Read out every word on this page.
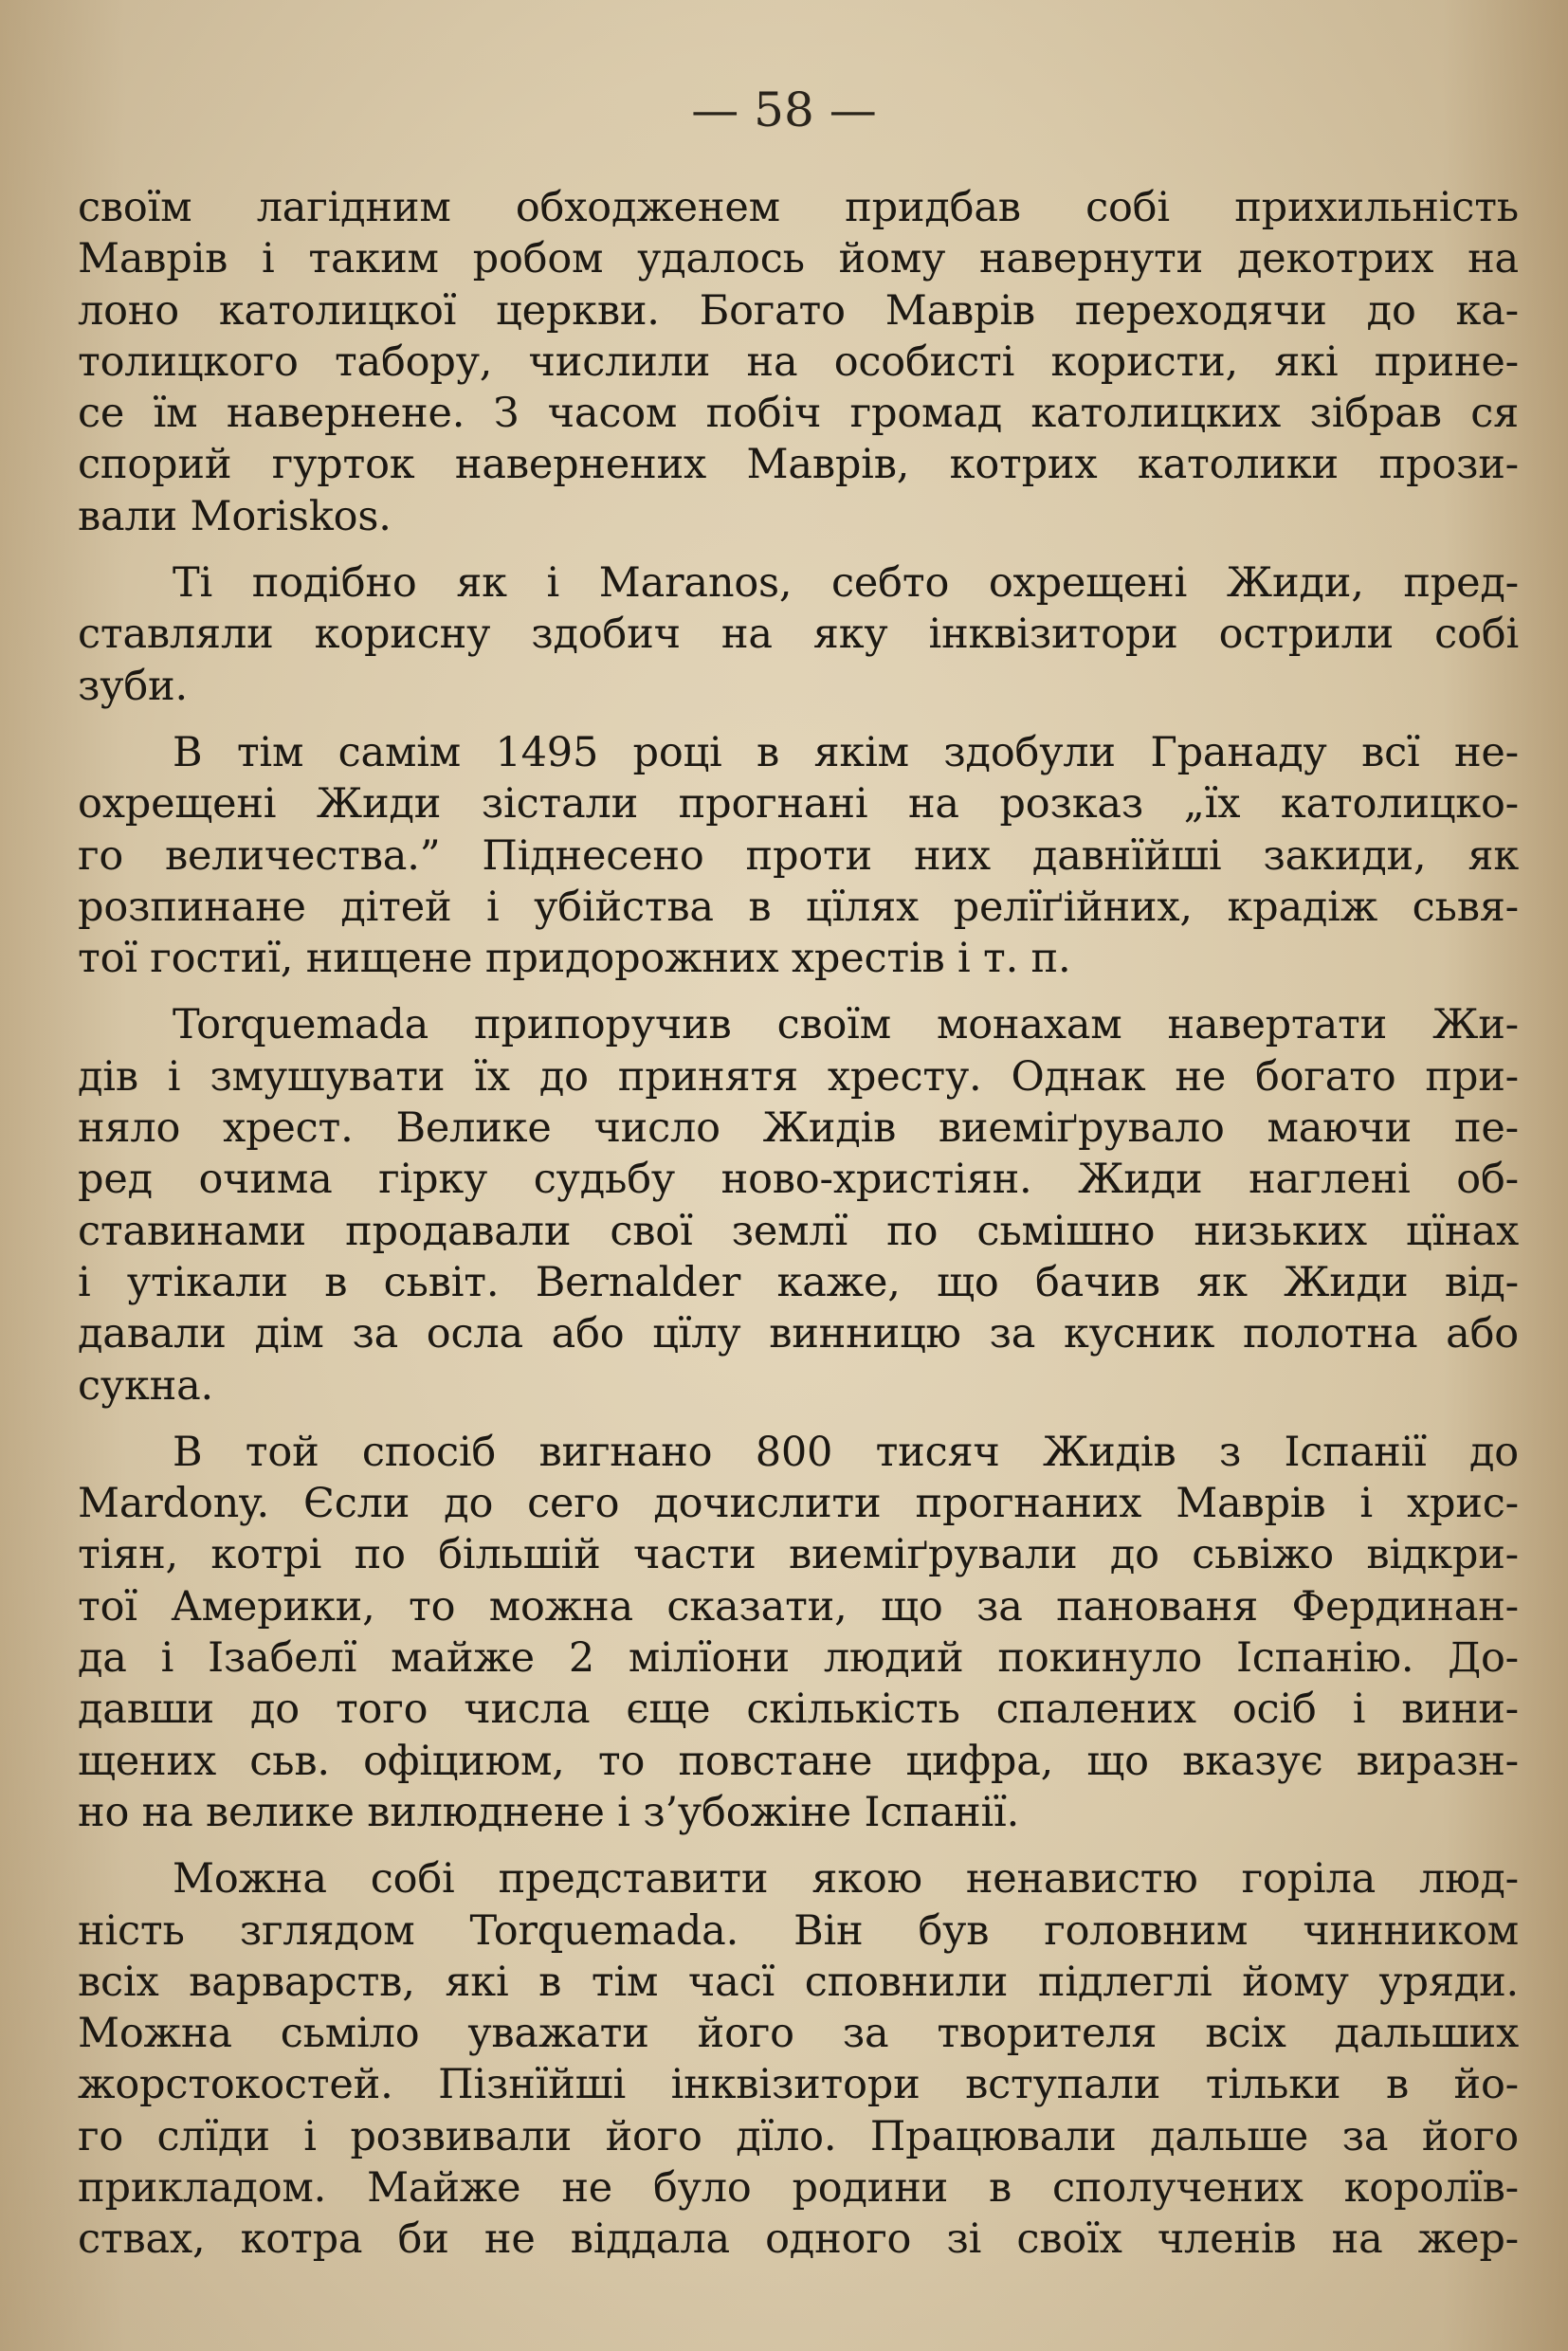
— 58 —
своїм лагідним обходженем придбав собі прихильність
Маврів і таким робом удалось йому навернути декотрих на
лоно католицкої церкви. Богато Маврів переходячи до ка-
толицкого табору, числили на особисті користи, які прине-
се їм навернене. З часом побіч громад католицких зібрав ся
спорий гурток навернених Маврів, котрих католики прози-
вали Moriskos.
Ті подібно як і Maranos, себто охрещені Жиди, пред-
ставляли корисну здобич на яку інквізитори острили собі
зуби.
В тім самім 1495 році в якім здобули Гранаду всї не-
охрещені Жиди зістали прогнані на розказ „їх католицко-
го величества.” Піднесено проти них давнїйші закиди, як
розпинане дітей і убійства в цїлях релїґійних, крадіж сьвя-
тої гостиї, нищене придорожних хрестів і т. п.
Torquemada припоручив своїм монахам навертати Жи-
дів і змушувати їх до принятя хресту. Однак не богато при-
няло хрест. Велике число Жидів виеміґрувало маючи пе-
ред очима гірку судьбу ново-христіян. Жиди наглені об-
ставинами продавали свої землї по сьмішно низьких цїнах
і утікали в сьвіт. Bernalder каже, що бачив як Жиди від-
давали дім за осла або цїлу винницю за кусник полотна або
сукна.
В той спосіб вигнано 800 тисяч Жидів з Іспанії до
Mardony. Єсли до сего дочислити прогнаних Маврів і хрис-
тіян, котрі по більшій части виеміґрували до сьвіжо відкри-
тої Америки, то можна сказати, що за панованя Фердинан-
да і Ізабелї майже 2 мілїони людий покинуло Іспанію. До-
давши до того числа єще скількість спалених осіб і вини-
щених сьв. офіциюм, то повстане цифра, що вказує виразн-
но на велике вилюднене і з’убожіне Іспанії.
Можна собі представити якою ненавистю горіла люд-
ність зглядом Torquemada. Він був головним чинником
всіх варварств, які в тім часї сповнили підлеглі йому уряди.
Можна сьміло уважати його за творителя всіх дальших
жорстокостей. Пізнїйші інквізитори вступали тільки в йо-
го слїди і розвивали його дїло. Працювали дальше за його
прикладом. Майже не було родини в сполучених королїв-
ствах, котра би не віддала одного зі своїх членів на жер-
